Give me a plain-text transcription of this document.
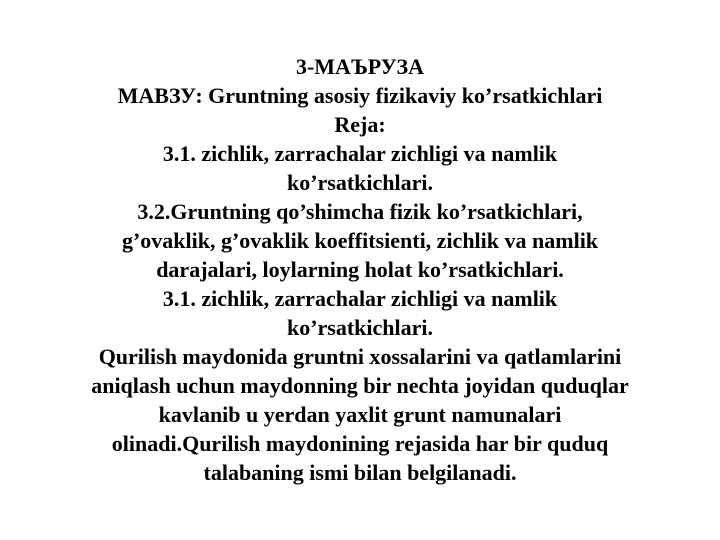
3-МАЪРУЗА
МАВЗУ: Gruntning asosiy fizikaviy ko’rsatkichlari
Reja:
3.1. zichlik, zarrachalar zichligi va namlik
ko’rsatkichlari.
3.2.Gruntning qo’shimcha fizik ko’rsatkichlari,
g’ovaklik, g’ovaklik koeffitsienti, zichlik va namlik
darajalari, loylarning holat ko’rsatkichlari.
3.1. zichlik, zarrachalar zichligi va namlik
ko’rsatkichlari.
Qurilish maydonida gruntni xossalarini va qatlamlarini
aniqlash uchun maydonning bir nechta joyidan quduqlar
kavlanib u yerdan yaxlit grunt namunalari
olinadi.Qurilish maydonining rejasida har bir quduq
talabaning ismi bilan belgilanadi.
